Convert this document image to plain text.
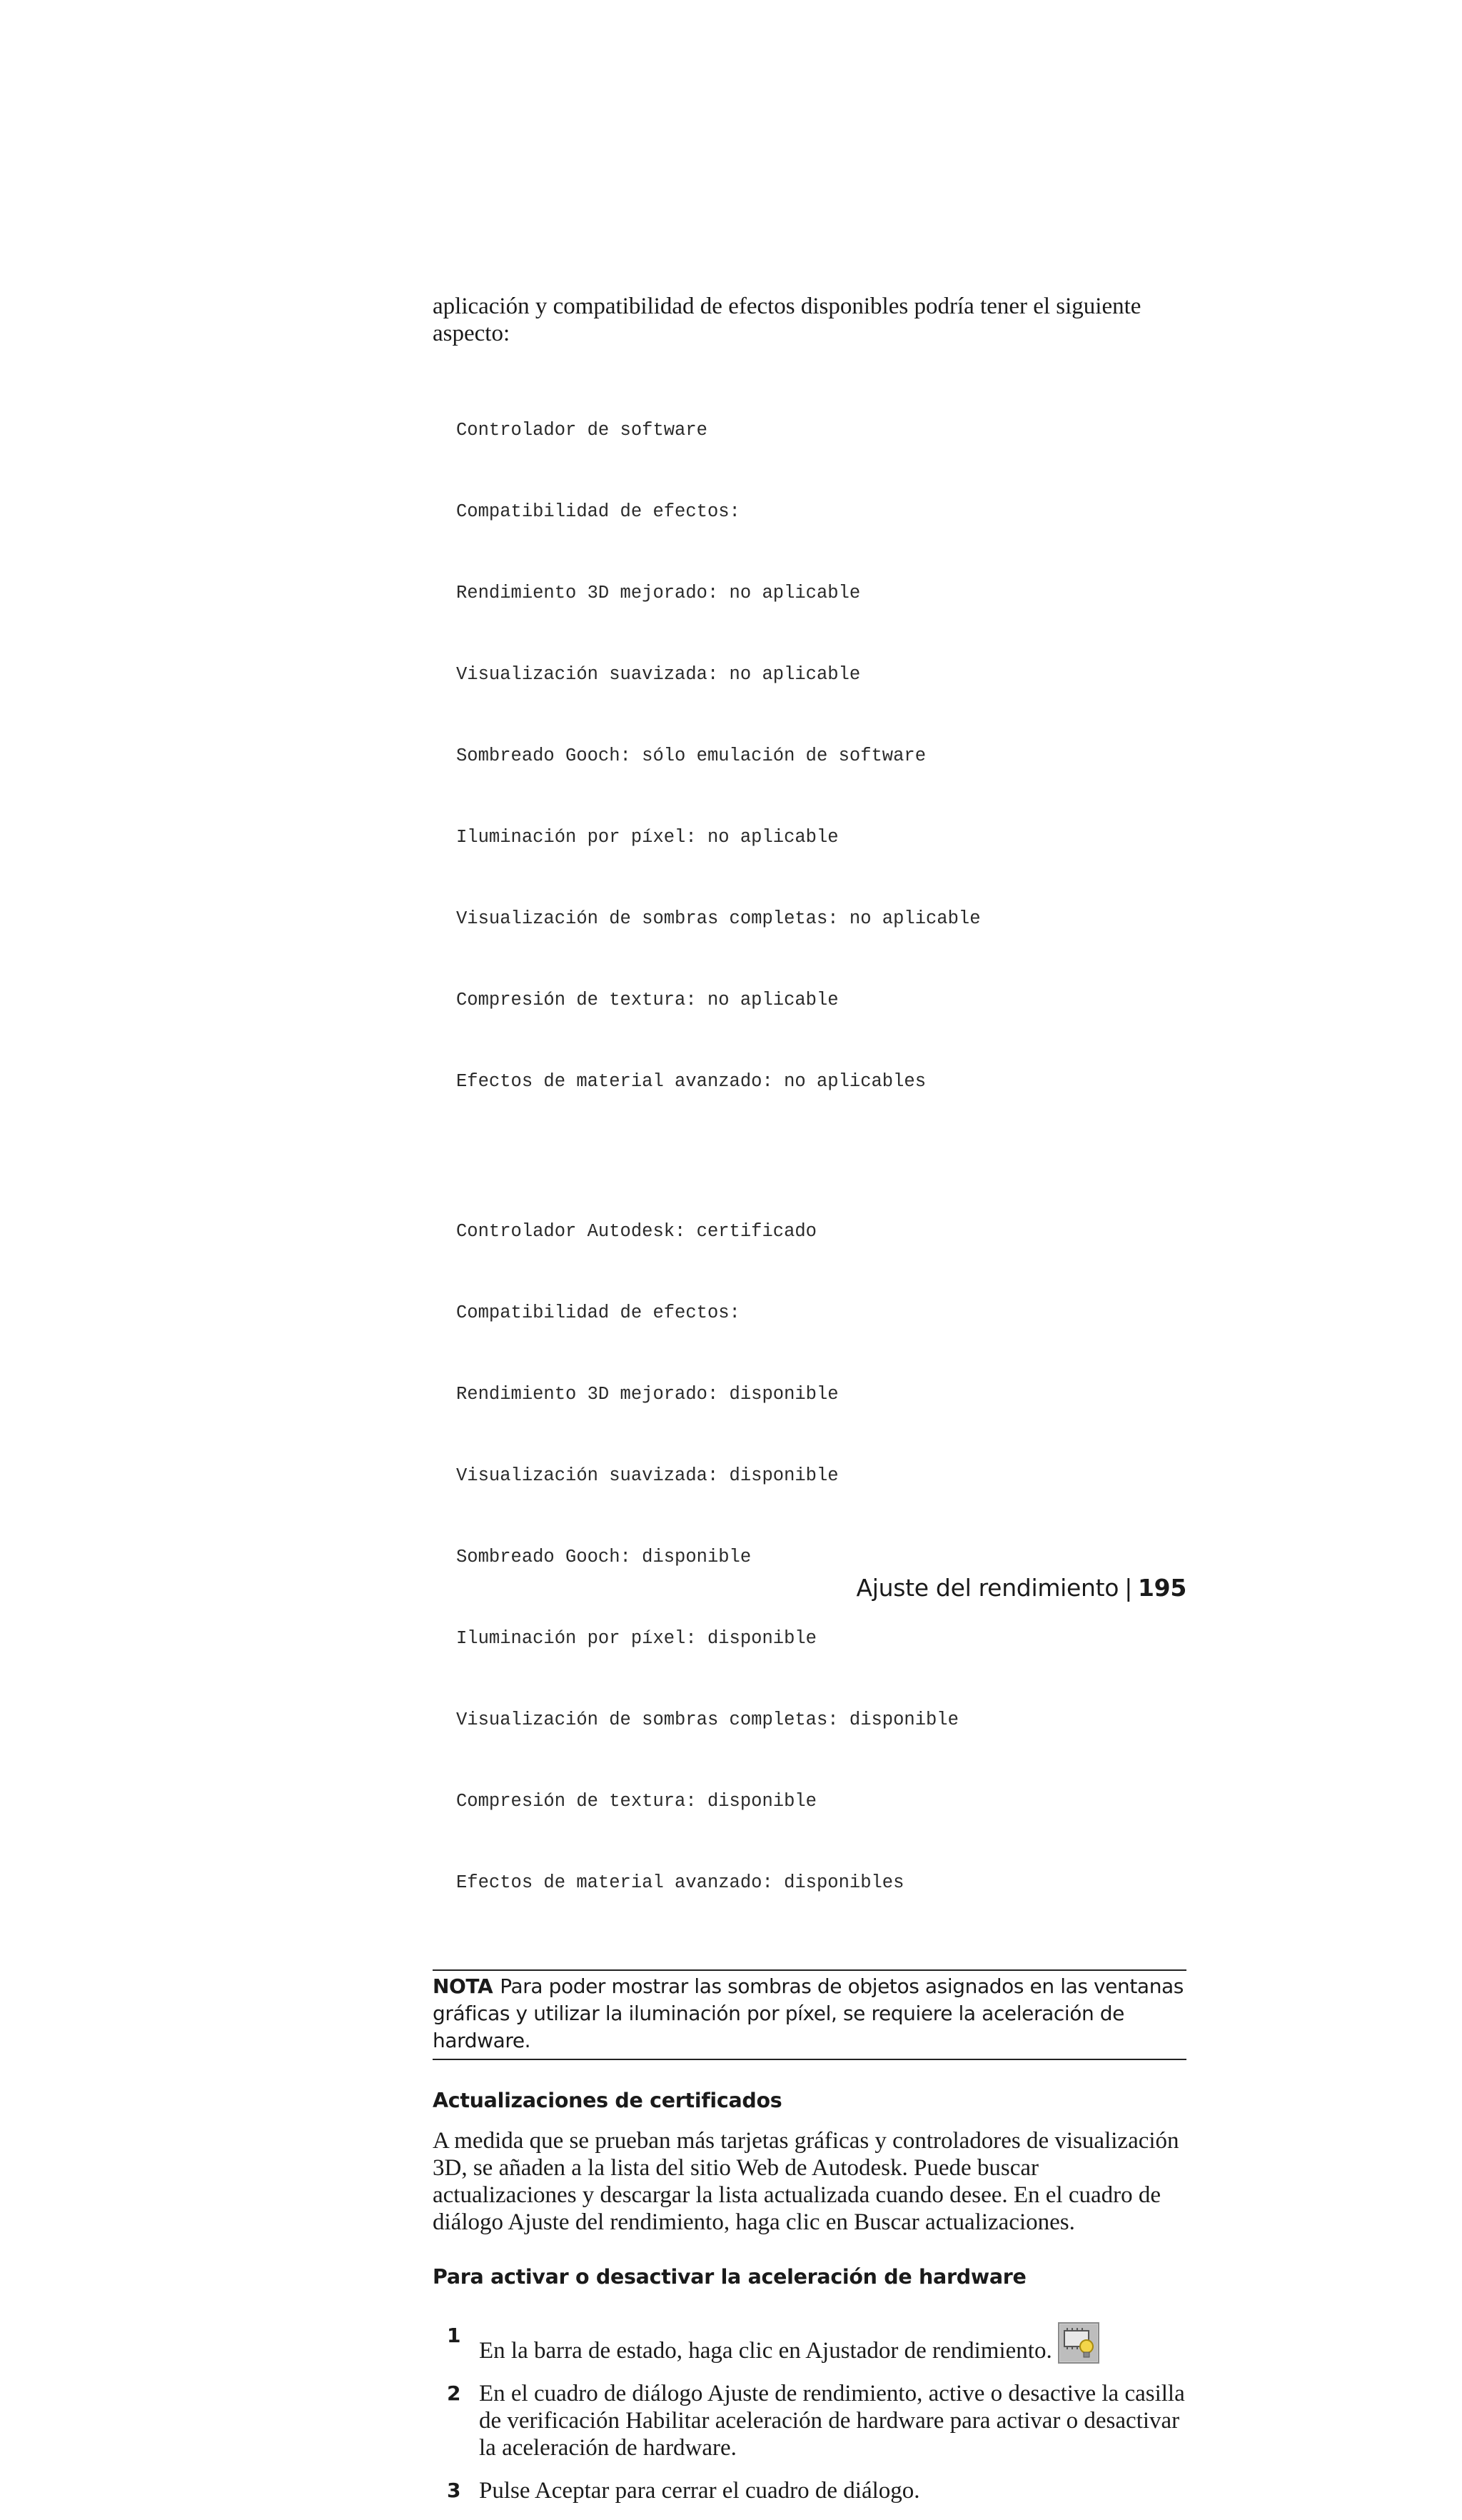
aplicación y compatibilidad de efectos disponibles podría tener el siguiente aspecto:

Controlador de software

Compatibilidad de efectos:

Rendimiento 3D mejorado: no aplicable

Visualización suavizada: no aplicable

Sombreado Gooch: sólo emulación de software

Iluminación por píxel: no aplicable

Visualización de sombras completas: no aplicable

Compresión de textura: no aplicable

Efectos de material avanzado: no aplicables

Controlador Autodesk: certificado

Compatibilidad de efectos:

Rendimiento 3D mejorado: disponible

Visualización suavizada: disponible

Sombreado Gooch: disponible

Iluminación por píxel: disponible

Visualización de sombras completas: disponible

Compresión de textura: disponible

Efectos de material avanzado: disponibles

NOTA Para poder mostrar las sombras de objetos asignados en las ventanas gráficas y utilizar la iluminación por píxel, se requiere la aceleración de hardware.
Actualizaciones de certificados

A medida que se prueban más tarjetas gráficas y controladores de visualización 3D, se añaden a la lista del sitio Web de Autodesk. Puede buscar actualizaciones y descargar la lista actualizada cuando desee. En el cuadro de diálogo Ajuste del rendimiento, haga clic en Buscar actualizaciones.

Para activar o desactivar la aceleración de hardware
1
En la barra de estado, haga clic en Ajustador de rendimiento.
2 En el cuadro de diálogo Ajuste de rendimiento, active o desactive la casilla de verificación Habilitar aceleración de hardware para activar o desactivar la aceleración de hardware.
3 Pulse Aceptar para cerrar el cuadro de diálogo.
Ajuste del rendimiento | 195
